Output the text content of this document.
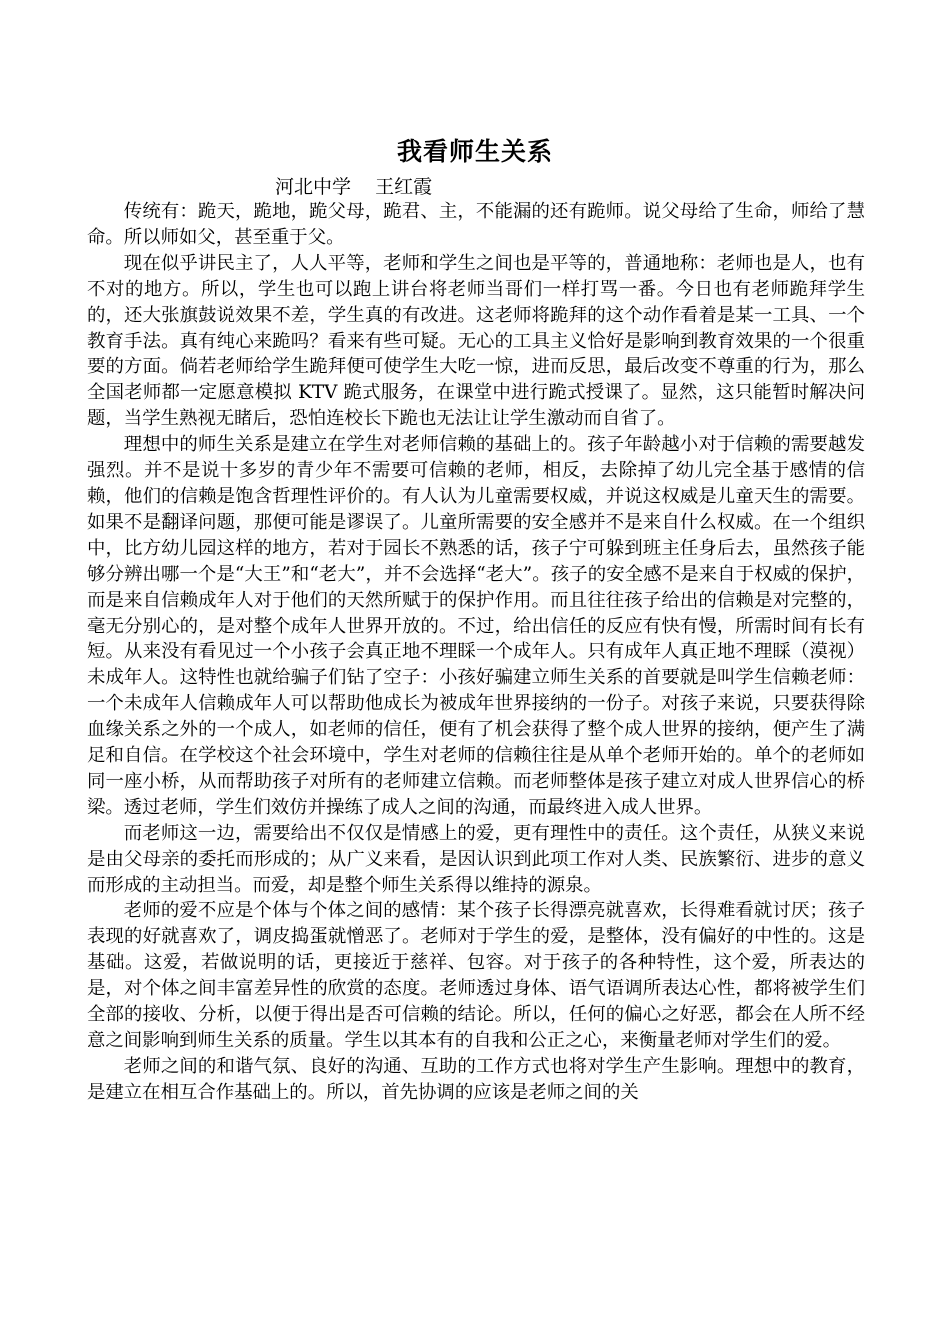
我看师生关系
河北中学    王红霞

传统有：跪天，跪地，跪父母，跪君、主，不能漏的还有跪师。说父母给了生命，师给了慧命。所以师如父，甚至重于父。

现在似乎讲民主了，人人平等，老师和学生之间也是平等的，普通地称：老师也是人，也有不对的地方。所以，学生也可以跑上讲台将老师当哥们一样打骂一番。今日也有老师跪拜学生的，还大张旗鼓说效果不差，学生真的有改进。这老师将跪拜的这个动作看着是某一工具、一个教育手法。真有纯心来跪吗？看来有些可疑。无心的工具主义恰好是影响到教育效果的一个很重要的方面。倘若老师给学生跪拜便可使学生大吃一惊，进而反思，最后改变不尊重的行为，那么全国老师都一定愿意模拟 KTV 跪式服务，在课堂中进行跪式授课了。显然，这只能暂时解决问题，当学生熟视无睹后，恐怕连校长下跪也无法让让学生激动而自省了。

理想中的师生关系是建立在学生对老师信赖的基础上的。孩子年龄越小对于信赖的需要越发强烈。并不是说十多岁的青少年不需要可信赖的老师，相反，去除掉了幼儿完全基于感情的信赖，他们的信赖是饱含哲理性评价的。有人认为儿童需要权威，并说这权威是儿童天生的需要。如果不是翻译问题，那便可能是谬误了。儿童所需要的安全感并不是来自什么权威。在一个组织中，比方幼儿园这样的地方，若对于园长不熟悉的话，孩子宁可躲到班主任身后去，虽然孩子能够分辨出哪一个是“大王”和“老大”，并不会选择“老大”。孩子的安全感不是来自于权威的保护，而是来自信赖成年人对于他们的天然所赋于的保护作用。而且往往孩子给出的信赖是对完整的，毫无分别心的，是对整个成年人世界开放的。不过，给出信任的反应有快有慢，所需时间有长有短。从来没有看见过一个小孩子会真正地不理睬一个成年人。只有成年人真正地不理睬（漠视）未成年人。这特性也就给骗子们钻了空子：小孩好骗建立师生关系的首要就是叫学生信赖老师：一个未成年人信赖成年人可以帮助他成长为被成年世界接纳的一份子。对孩子来说，只要获得除血缘关系之外的一个成人，如老师的信任，便有了机会获得了整个成人世界的接纳，便产生了满足和自信。在学校这个社会环境中，学生对老师的信赖往往是从单个老师开始的。单个的老师如同一座小桥，从而帮助孩子对所有的老师建立信赖。而老师整体是孩子建立对成人世界信心的桥梁。透过老师，学生们效仿并操练了成人之间的沟通，而最终进入成人世界。

而老师这一边，需要给出不仅仅是情感上的爱，更有理性中的责任。这个责任，从狭义来说是由父母亲的委托而形成的；从广义来看，是因认识到此项工作对人类、民族繁衍、进步的意义而形成的主动担当。而爱，却是整个师生关系得以维持的源泉。

老师的爱不应是个体与个体之间的感情：某个孩子长得漂亮就喜欢，长得难看就讨厌；孩子表现的好就喜欢了，调皮捣蛋就憎恶了。老师对于学生的爱，是整体，没有偏好的中性的。这是基础。这爱，若做说明的话，更接近于慈祥、包容。对于孩子的各种特性，这个爱，所表达的是，对个体之间丰富差异性的欣赏的态度。老师透过身体、语气语调所表达心性，都将被学生们全部的接收、分析，以便于得出是否可信赖的结论。所以，任何的偏心之好恶，都会在人所不经意之间影响到师生关系的质量。学生以其本有的自我和公正之心，来衡量老师对学生们的爱。

老师之间的和谐气氛、良好的沟通、互助的工作方式也将对学生产生影响。理想中的教育，是建立在相互合作基础上的。所以，首先协调的应该是老师之间的关
